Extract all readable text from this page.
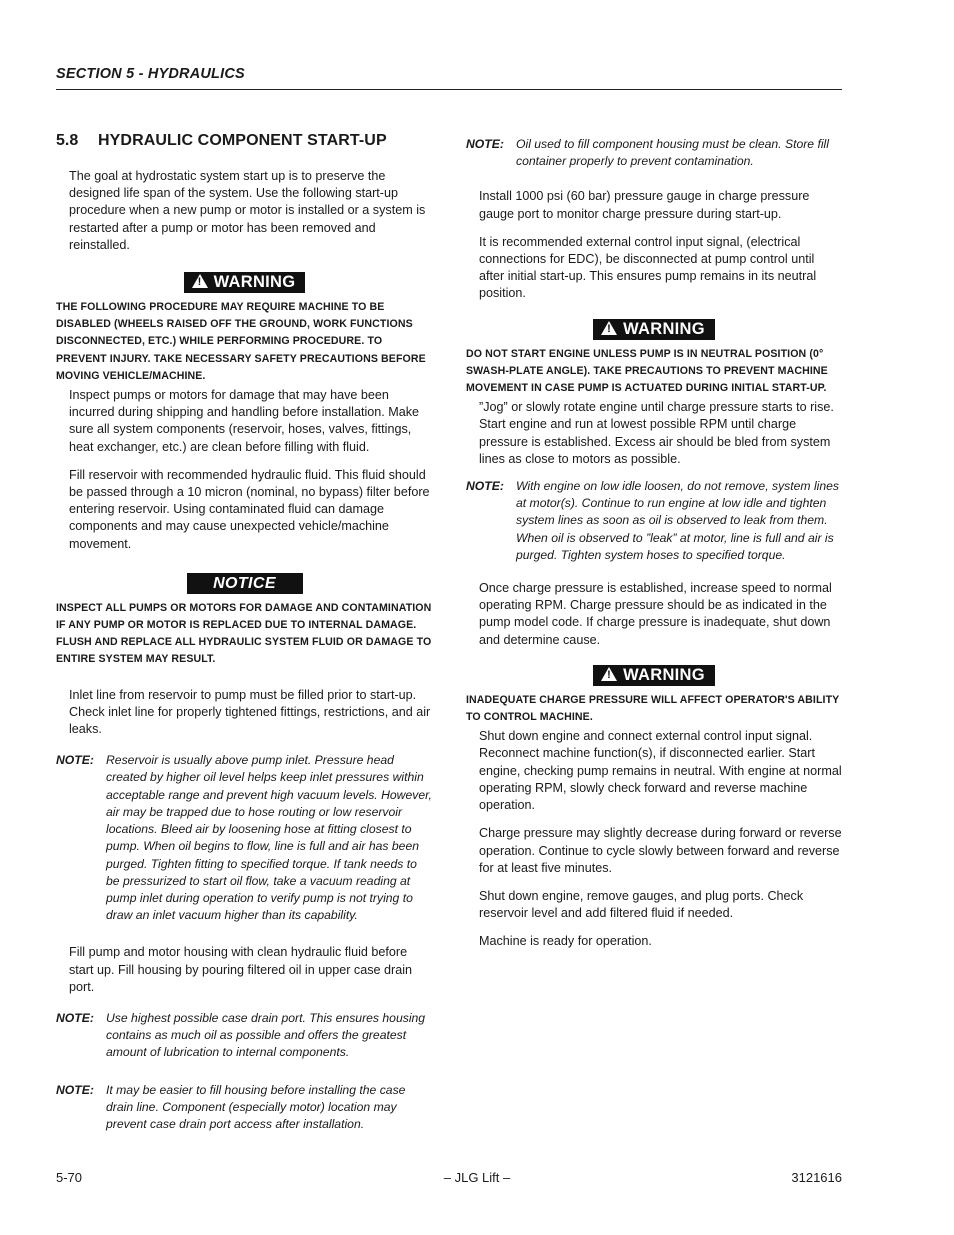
SECTION 5 - HYDRAULICS
5.8	HYDRAULIC COMPONENT START-UP

The goal at hydrostatic system start up is to preserve the designed life span of the system. Use the following start-up procedure when a new pump or motor is installed or a system is restarted after a pump or motor has been removed and reinstalled.

!WARNING
THE FOLLOWING PROCEDURE MAY REQUIRE MACHINE TO BE DISABLED (WHEELS RAISED OFF THE GROUND, WORK FUNCTIONS DISCONNECTED, ETC.) WHILE PERFORMING PROCEDURE. TO PREVENT INJURY. TAKE NECESSARY SAFETY PRECAUTIONS BEFORE MOVING VEHICLE/MACHINE.

Inspect pumps or motors for damage that may have been incurred during shipping and handling before installation. Make sure all system components (reservoir, hoses, valves, fittings, heat exchanger, etc.) are clean before filling with fluid.

Fill reservoir with recommended hydraulic fluid. This fluid should be passed through a 10 micron (nominal, no bypass) filter before entering reservoir. Using contaminated fluid can damage components and may cause unexpected vehicle/machine movement.

NOTICE
INSPECT ALL PUMPS OR MOTORS FOR DAMAGE AND CONTAMINATION IF ANY PUMP OR MOTOR IS REPLACED DUE TO INTERNAL DAMAGE. FLUSH AND REPLACE ALL HYDRAULIC SYSTEM FLUID OR DAMAGE TO ENTIRE SYSTEM MAY RESULT.

Inlet line from reservoir to pump must be filled prior to start-up. Check inlet line for properly tightened fittings, restrictions, and air leaks.

NOTE: Reservoir is usually above pump inlet. Pressure head created by higher oil level helps keep inlet pressures within acceptable range and prevent high vacuum levels. However, air may be trapped due to hose routing or low reservoir locations. Bleed air by loosening hose at fitting closest to pump. When oil begins to flow, line is full and air has been purged. Tighten fitting to specified torque. If tank needs to be pressurized to start oil flow, take a vacuum reading at pump inlet during operation to verify pump is not trying to draw an inlet vacuum higher than its capability.

Fill pump and motor housing with clean hydraulic fluid before start up. Fill housing by pouring filtered oil in upper case drain port.

NOTE: Use highest possible case drain port. This ensures housing contains as much oil as possible and offers the greatest amount of lubrication to internal components.
NOTE: It may be easier to fill housing before installing the case drain line. Component (especially motor) location may prevent case drain port access after installation.
NOTE: Oil used to fill component housing must be clean. Store fill container properly to prevent contamination.

Install 1000 psi (60 bar) pressure gauge in charge pressure gauge port to monitor charge pressure during start-up.

It is recommended external control input signal, (electrical connections for EDC), be disconnected at pump control until after initial start-up. This ensures pump remains in its neutral position.

!WARNING
DO NOT START ENGINE UNLESS PUMP IS IN NEUTRAL POSITION (0° SWASH-PLATE ANGLE). TAKE PRECAUTIONS TO PREVENT MACHINE MOVEMENT IN CASE PUMP IS ACTUATED DURING INITIAL START-UP.

”Jog” or slowly rotate engine until charge pressure starts to rise. Start engine and run at lowest possible RPM until charge pressure is established. Excess air should be bled from system lines as close to motors as possible.

NOTE: With engine on low idle loosen, do not remove, system lines at motor(s). Continue to run engine at low idle and tighten system lines as soon as oil is observed to leak from them. When oil is observed to ”leak” at motor, line is full and air is purged. Tighten system hoses to specified torque.

Once charge pressure is established, increase speed to normal operating RPM. Charge pressure should be as indicated in the pump model code. If charge pressure is inadequate, shut down and determine cause.

!WARNING
INADEQUATE CHARGE PRESSURE WILL AFFECT OPERATOR'S ABILITY TO CONTROL MACHINE.

Shut down engine and connect external control input signal. Reconnect machine function(s), if disconnected earlier. Start engine, checking pump remains in neutral. With engine at normal operating RPM, slowly check forward and reverse machine operation.

Charge pressure may slightly decrease during forward or reverse operation. Continue to cycle slowly between forward and reverse for at least five minutes.

Shut down engine, remove gauges, and plug ports. Check reservoir level and add filtered fluid if needed.

Machine is ready for operation.

5-70	– JLG Lift –	3121616
